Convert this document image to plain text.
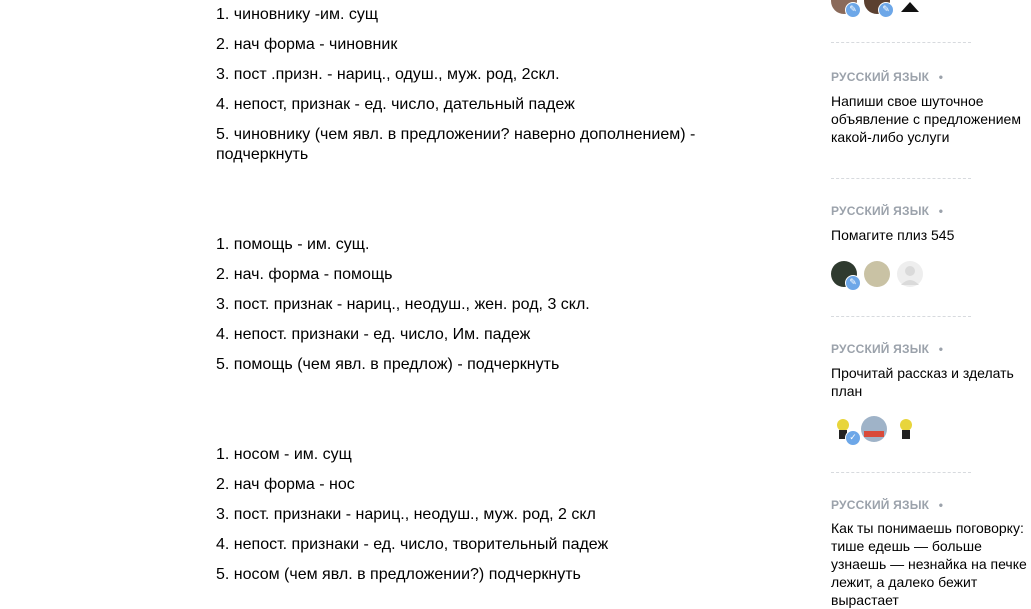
1. чиновнику -им. сущ
2. нач форма - чиновник
3. пост .призн. - нариц., одуш., муж. род, 2скл.
4. непост, признак - ед. число, дательный падеж
5. чиновнику (чем явл. в предложении? наверно дополнением) - подчеркнуть
1. помощь - им. сущ.
2. нач. форма - помощь
3. пост. признак - нариц., неодуш., жен. род, 3 скл.
4. непост. признаки - ед. число, Им. падеж
5. помощь (чем явл. в предлож) - подчеркнуть
1. носом - им. сущ
2. нач форма - нос
3. пост. признаки - нариц., неодуш., муж. род, 2 скл
4. непост. признаки - ед. число, творительный падеж
5. носом (чем явл. в предложении?) подчеркнуть
✎	✎
РУССКИЙ ЯЗЫК •
Напиши свое шуточное объявление с предложением какой-либо услуги
РУССКИЙ ЯЗЫК •
Помагите плиз 545
✎
РУССКИЙ ЯЗЫК •
Прочитай рассказ и зделать план
✓
РУССКИЙ ЯЗЫК •
Как ты понимаешь поговорку: тише едешь — больше узнаешь — незнайка на печке лежит, а далеко бежит вырастает
